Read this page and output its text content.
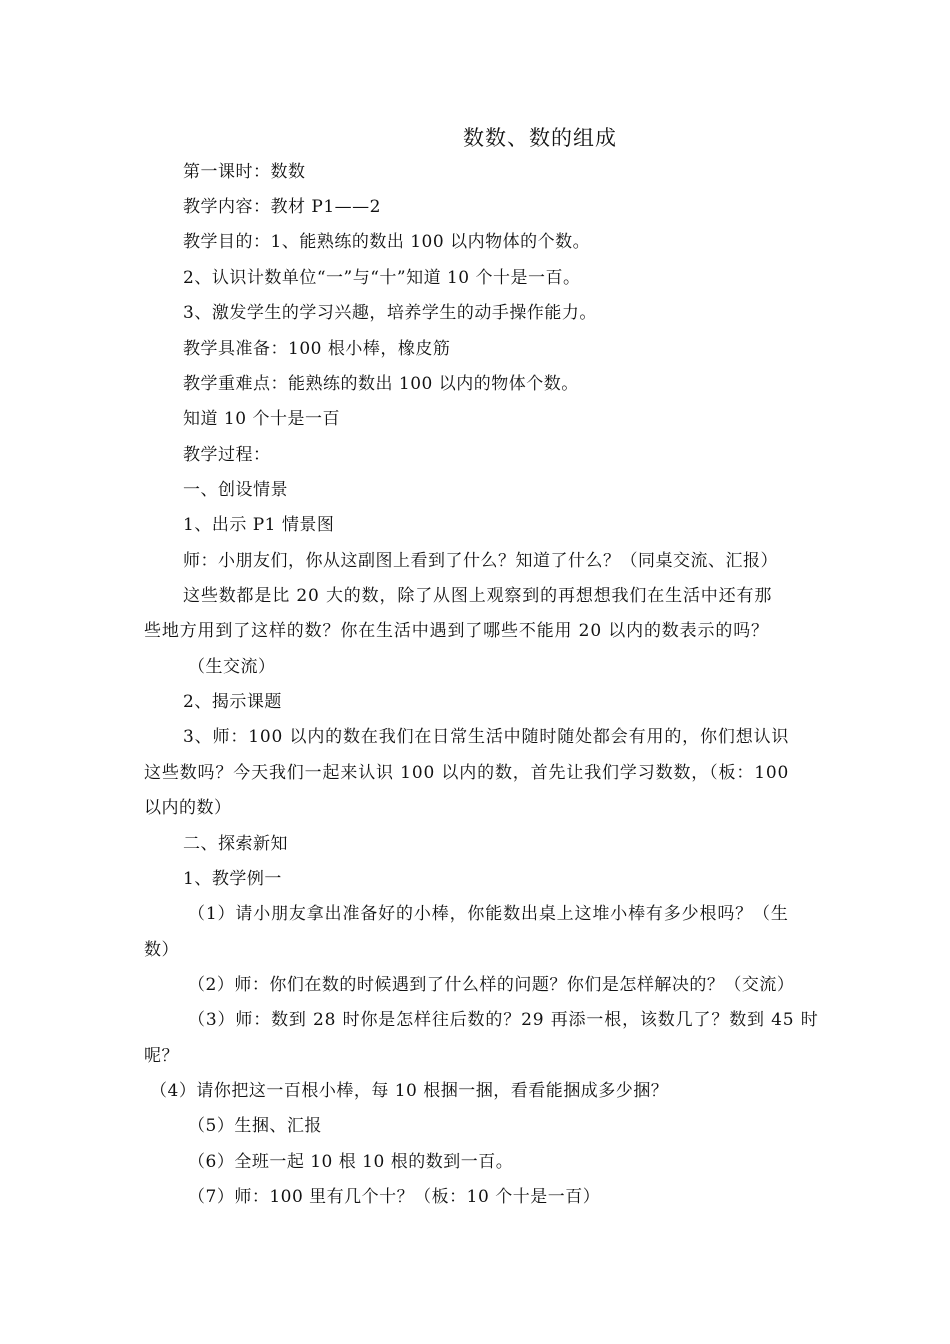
数数、数的组成
第一课时：数数
教学内容：教材 P1——2
教学目的：1、能熟练的数出 100 以内物体的个数。
2、认识计数单位“一”与“十”知道 10 个十是一百。
3、激发学生的学习兴趣，培养学生的动手操作能力。
教学具准备：100 根小棒，橡皮筋
教学重难点：能熟练的数出 100 以内的物体个数。
知道 10 个十是一百
教学过程：
一、创设情景
1、出示 P1 情景图
师：小朋友们，你从这副图上看到了什么？知道了什么？（同桌交流、汇报）
这些数都是比 20 大的数，除了从图上观察到的再想想我们在生活中还有那
些地方用到了这样的数？你在生活中遇到了哪些不能用 20 以内的数表示的吗？
（生交流）
2、揭示课题
3、师：100 以内的数在我们在日常生活中随时随处都会有用的，你们想认识
这些数吗？今天我们一起来认识 100 以内的数，首先让我们学习数数，（板：100
以内的数）
二、探索新知
1、教学例一
（1）请小朋友拿出准备好的小棒，你能数出桌上这堆小棒有多少根吗？（生
数）
（2）师：你们在数的时候遇到了什么样的问题？你们是怎样解决的？（交流）
（3）师：数到 28 时你是怎样往后数的？29 再添一根，该数几了？数到 45 时
呢？
（4）请你把这一百根小棒，每 10 根捆一捆，看看能捆成多少捆？
（5）生捆、汇报
（6）全班一起 10 根 10 根的数到一百。
（7）师：100 里有几个十？（板：10 个十是一百）
